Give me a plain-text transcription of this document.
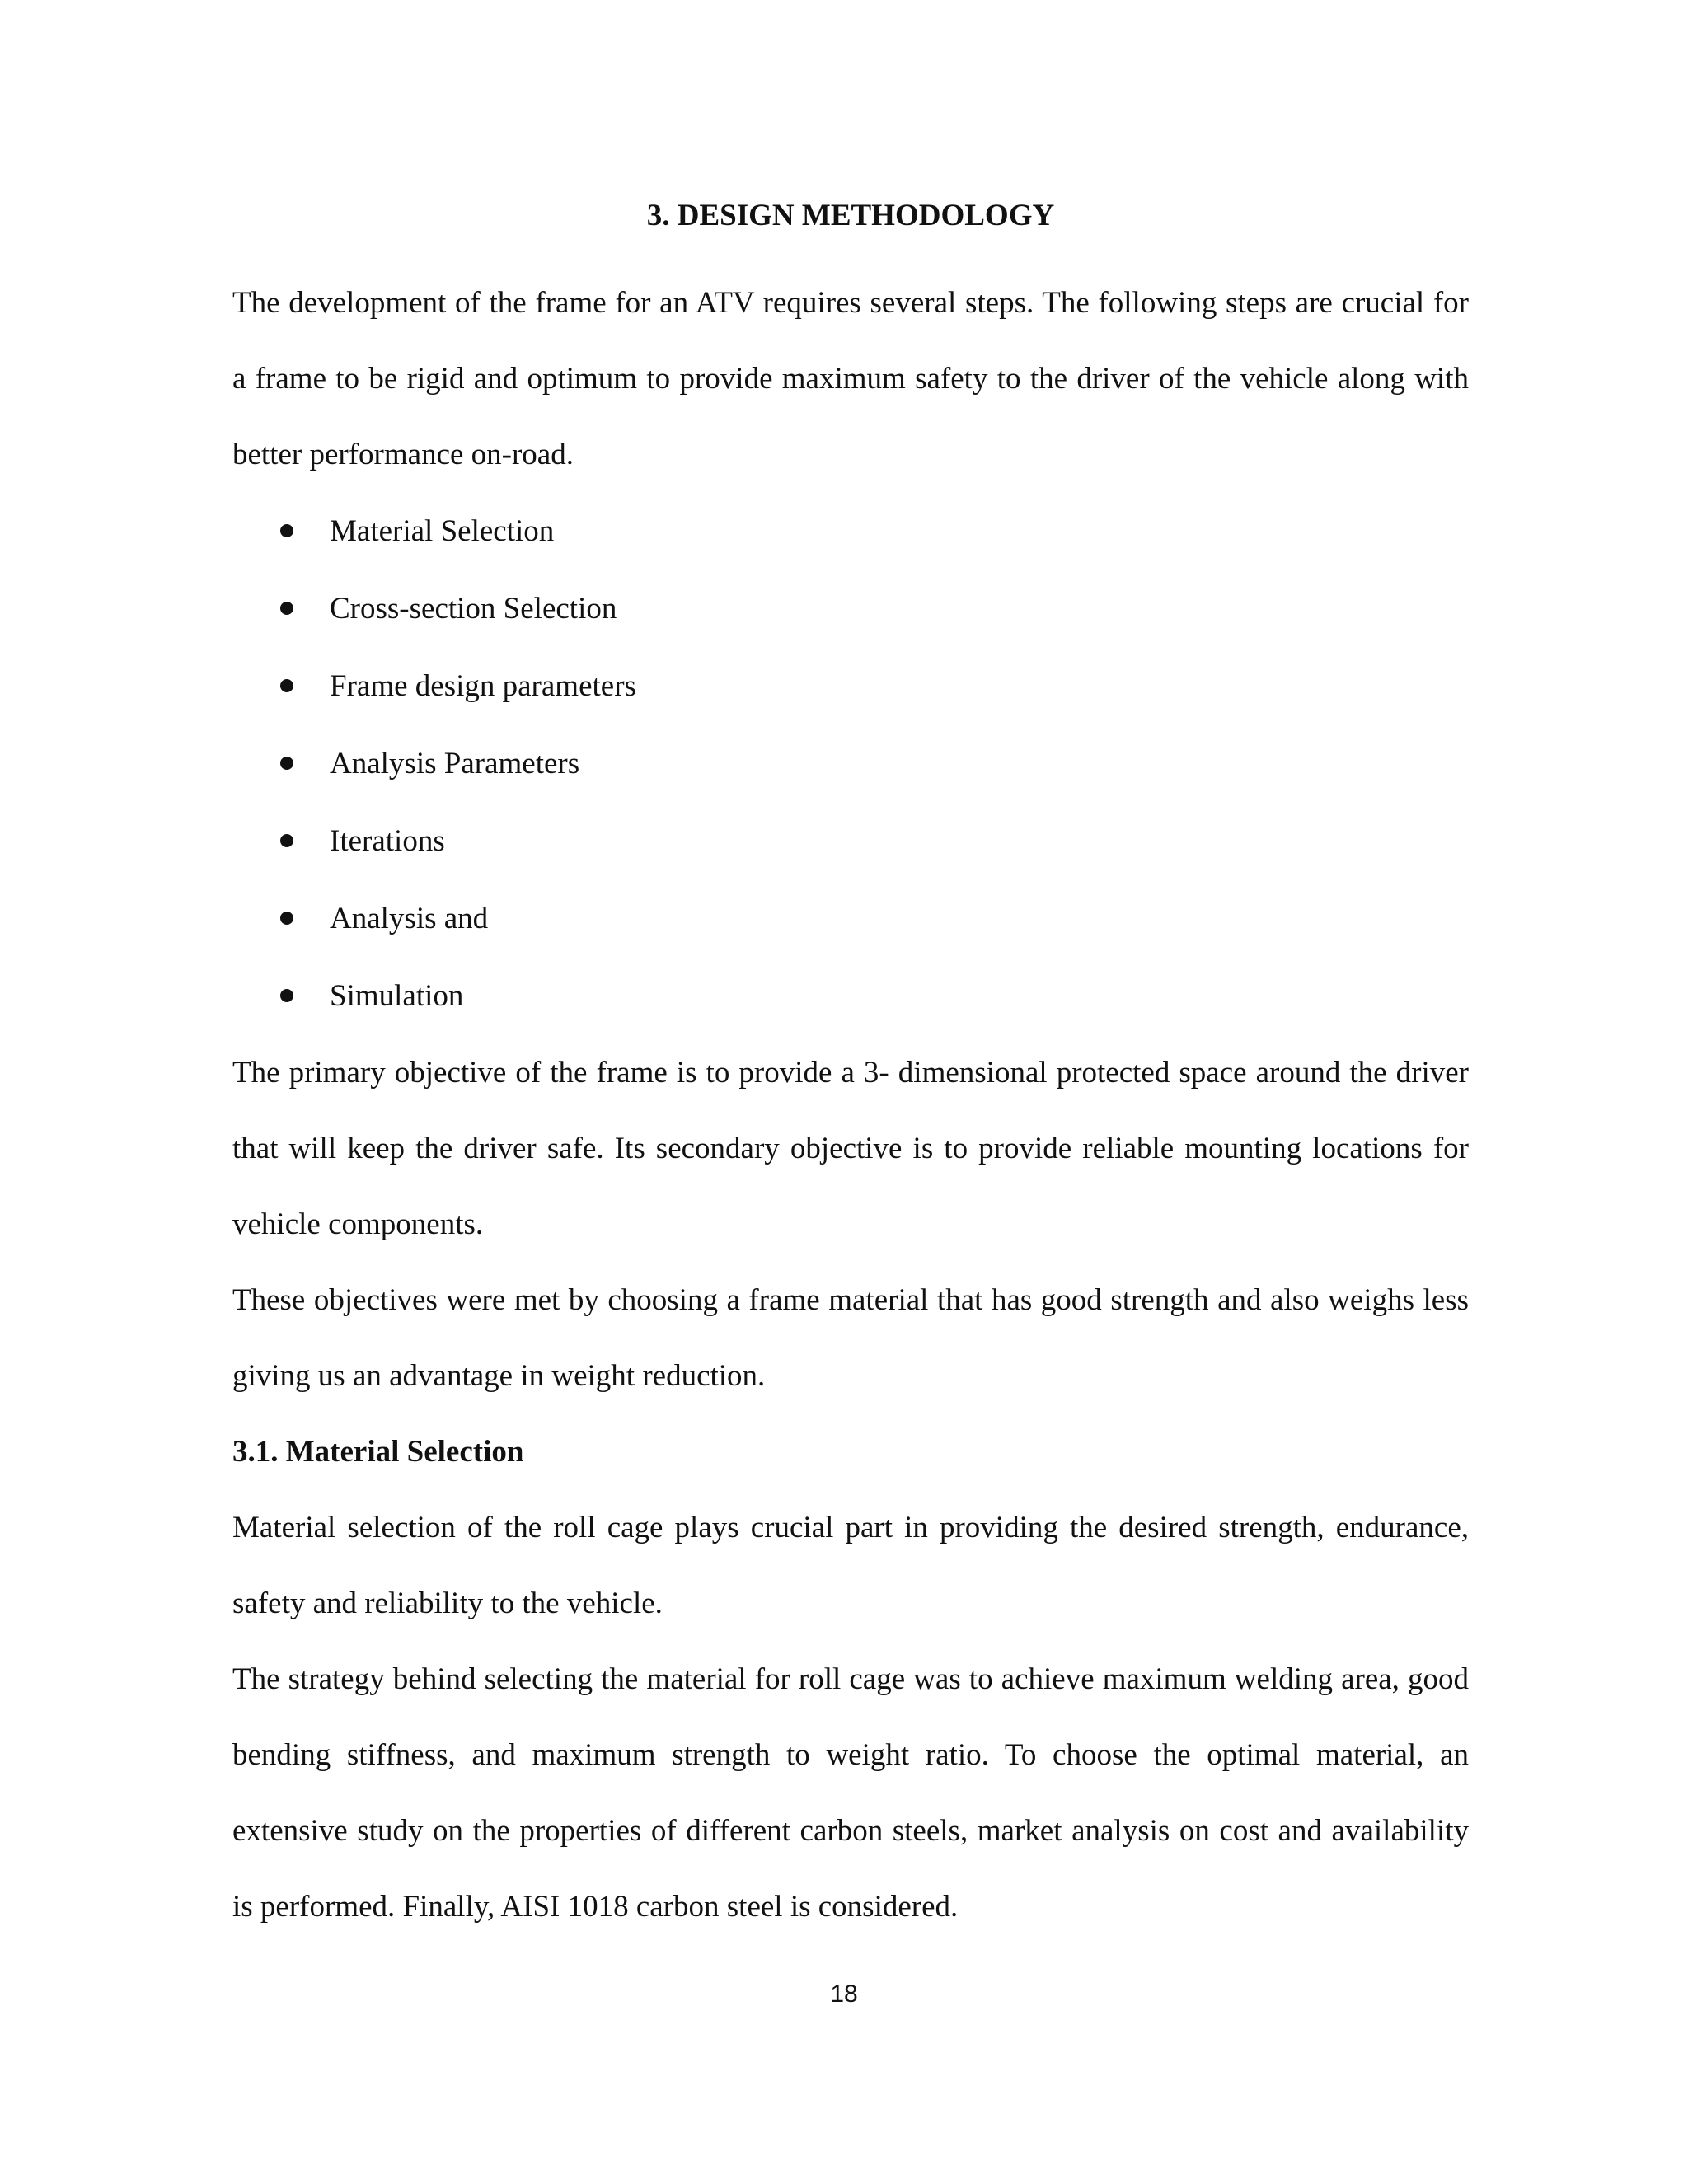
3. DESIGN METHODOLOGY

The development of the frame for an ATV requires several steps. The following steps are crucial for a frame to be rigid and optimum to provide maximum safety to the driver of the vehicle along with better performance on-road.

Material Selection
Cross-section Selection
Frame design parameters
Analysis Parameters
Iterations
Analysis and
Simulation

The primary objective of the frame is to provide a 3- dimensional protected space around the driver that will keep the driver safe. Its secondary objective is to provide reliable mounting locations for vehicle components.

These objectives were met by choosing a frame material that has good strength and also weighs less giving us an advantage in weight reduction.

3.1. Material Selection

Material selection of the roll cage plays crucial part in providing the desired strength, endurance, safety and reliability to the vehicle.

The strategy behind selecting the material for roll cage was to achieve maximum welding area, good bending stiffness, and maximum strength to weight ratio. To choose the optimal material, an extensive study on the properties of different carbon steels, market analysis on cost and availability is performed. Finally, AISI 1018 carbon steel is considered.

18
